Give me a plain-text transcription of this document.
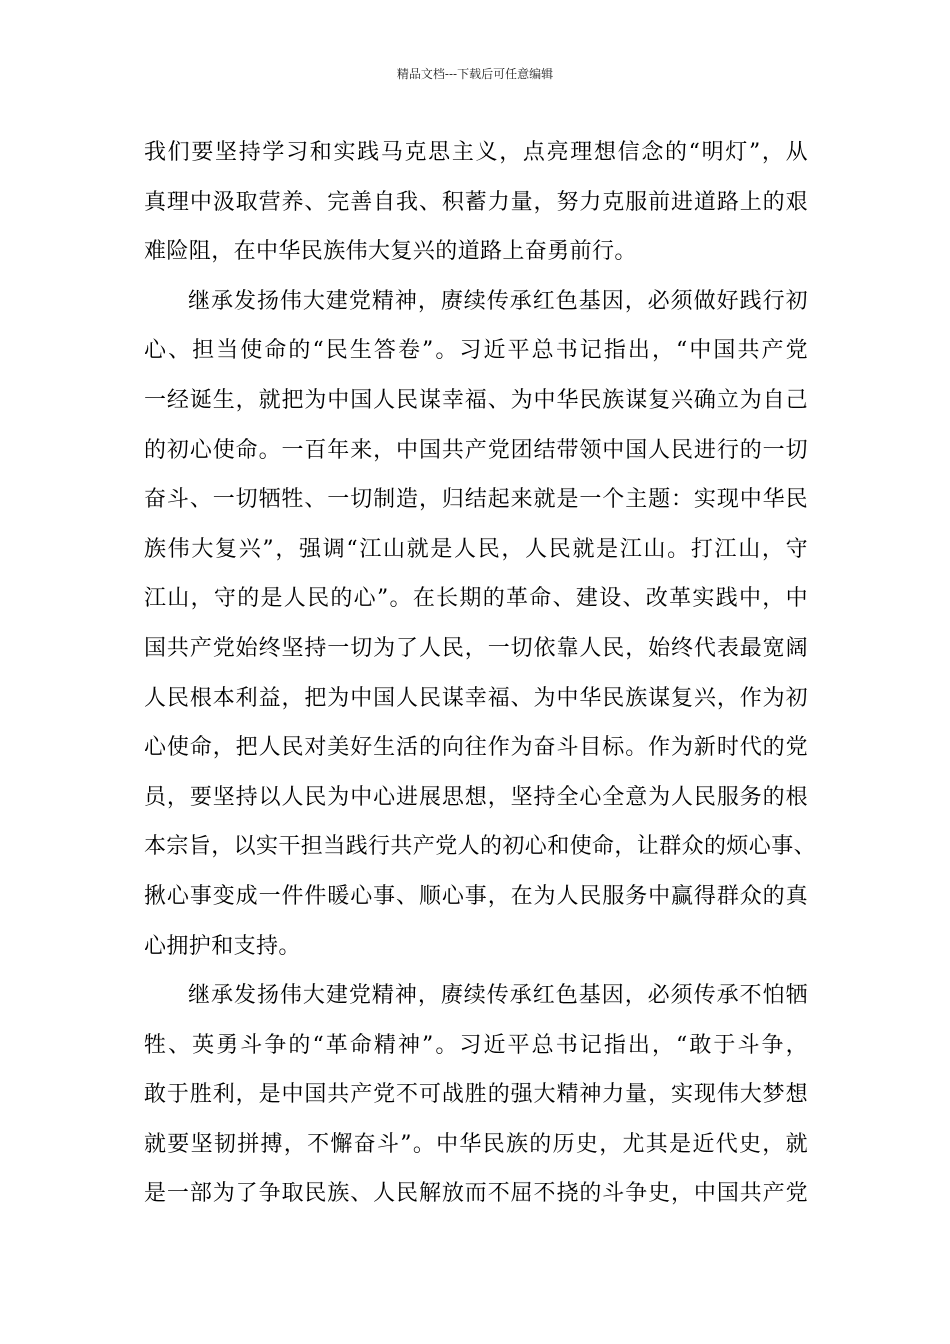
精品文档---下载后可任意编辑
我们要坚持学习和实践马克思主义，点亮理想信念的“明灯”，从
真理中汲取营养、完善自我、积蓄力量，努力克服前进道路上的艰
难险阻，在中华民族伟大复兴的道路上奋勇前行。
继承发扬伟大建党精神，赓续传承红色基因，必须做好践行初
心、担当使命的“民生答卷”。习近平总书记指出，“中国共产党
一经诞生，就把为中国人民谋幸福、为中华民族谋复兴确立为自己
的初心使命。一百年来，中国共产党团结带领中国人民进行的一切
奋斗、一切牺牲、一切制造，归结起来就是一个主题：实现中华民
族伟大复兴”，强调“江山就是人民，人民就是江山。打江山，守
江山，守的是人民的心”。在长期的革命、建设、改革实践中，中
国共产党始终坚持一切为了人民，一切依靠人民，始终代表最宽阔
人民根本利益，把为中国人民谋幸福、为中华民族谋复兴，作为初
心使命，把人民对美好生活的向往作为奋斗目标。作为新时代的党
员，要坚持以人民为中心进展思想，坚持全心全意为人民服务的根
本宗旨，以实干担当践行共产党人的初心和使命，让群众的烦心事、
揪心事变成一件件暖心事、顺心事，在为人民服务中赢得群众的真
心拥护和支持。
继承发扬伟大建党精神，赓续传承红色基因，必须传承不怕牺
牲、英勇斗争的“革命精神”。习近平总书记指出，“敢于斗争，
敢于胜利，是中国共产党不可战胜的强大精神力量，实现伟大梦想
就要坚韧拼搏，不懈奋斗”。中华民族的历史，尤其是近代史，就
是一部为了争取民族、人民解放而不屈不挠的斗争史，中国共产党
